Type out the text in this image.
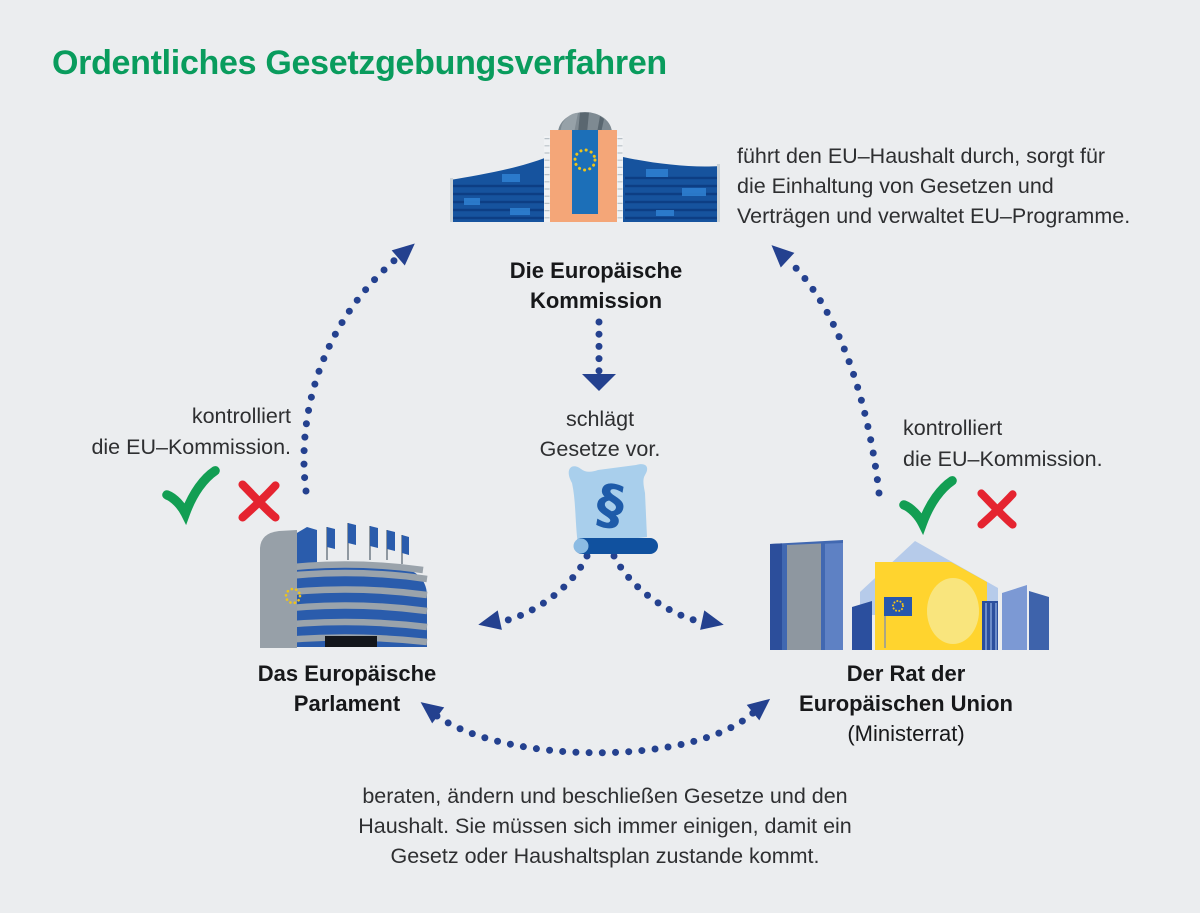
Ordentliches Gesetzgebungsverfahren
Die Europäische
Kommission
führt den EU–Haushalt durch, sorgt für
die Einhaltung von Gesetzen und
Verträgen und verwaltet EU–Programme.
schlägt
Gesetze vor.
§
kontrolliert
die EU–Kommission.
kontrolliert
die EU–Kommission.
Das Europäische
Parlament
Der Rat der
Europäischen Union
(Ministerrat)
beraten, ändern und beschließen Gesetze und den
Haushalt. Sie müssen sich immer einigen, damit ein
Gesetz oder Haushaltsplan zustande kommt.
